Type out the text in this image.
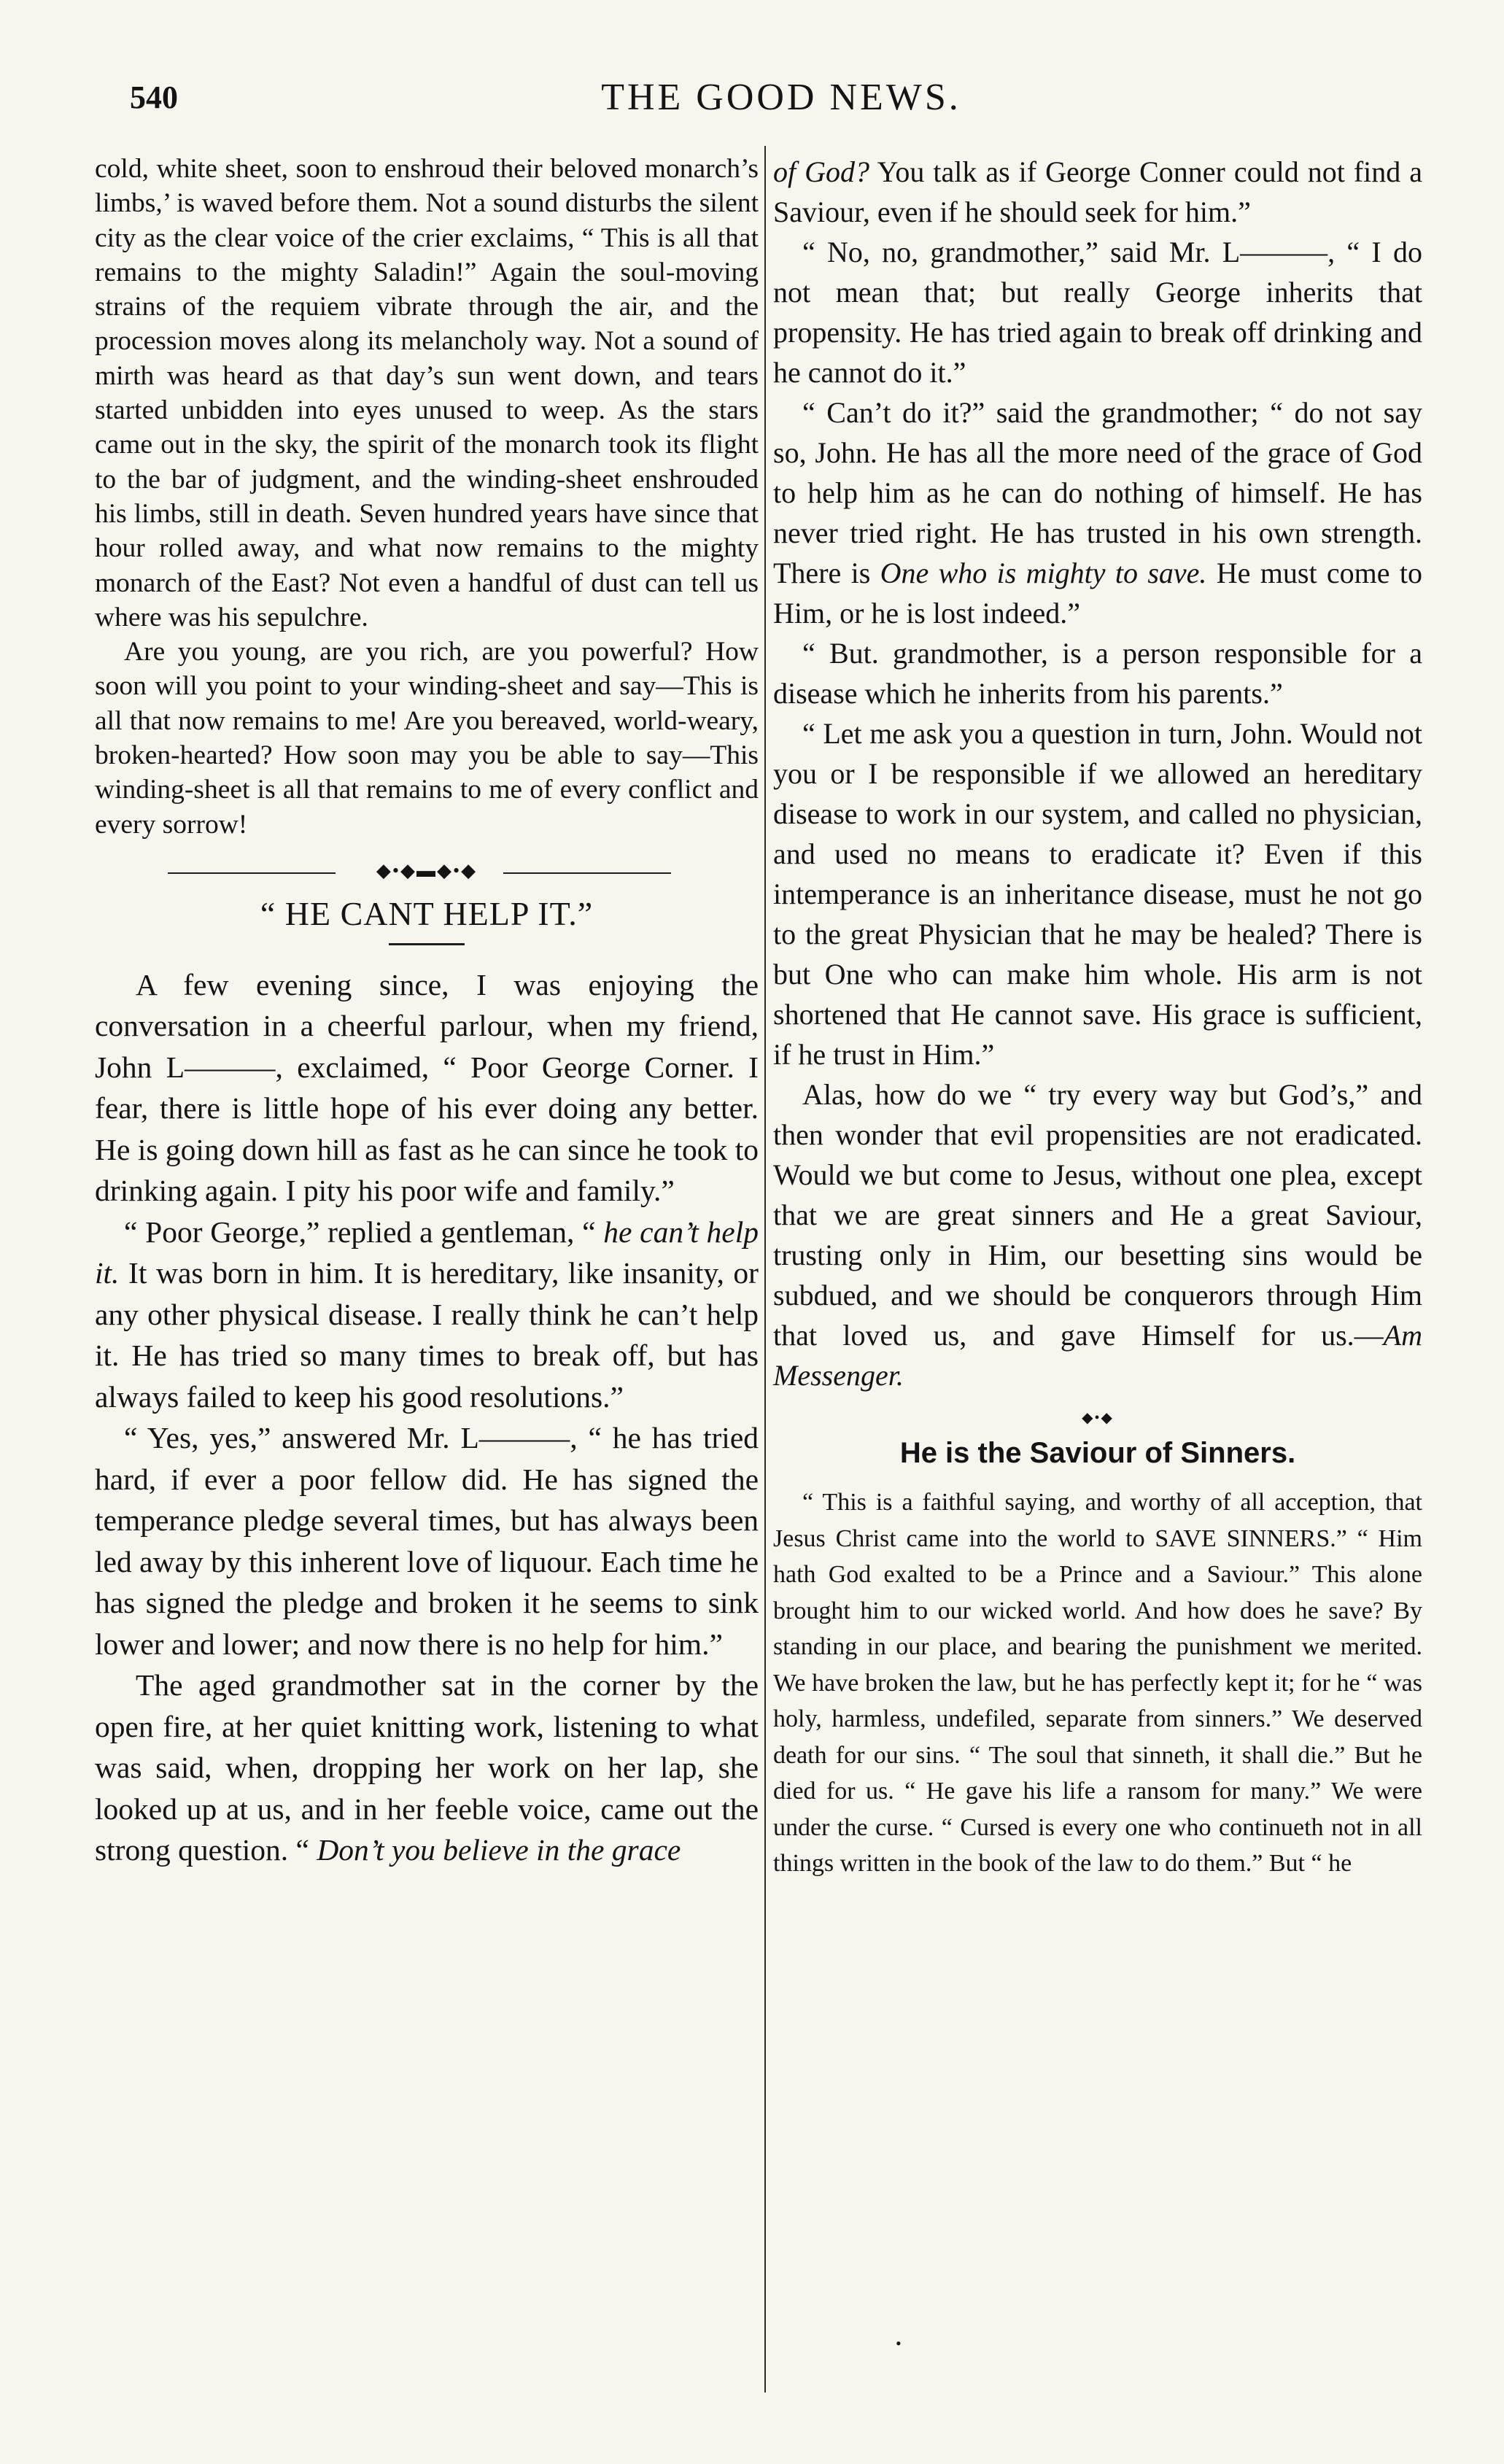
540	THE GOOD NEWS.

cold, white sheet, soon to enshroud their beloved monarch’s limbs,’ is waved before them. Not a sound disturbs the silent city as the clear voice of the crier exclaims, “ This is all that remains to the mighty Saladin!” Again the soul-moving strains of the requiem vibrate through the air, and the procession moves along its melancholy way. Not a sound of mirth was heard as that day’s sun went down, and tears started unbidden into eyes unused to weep. As the stars came out in the sky, the spirit of the monarch took its flight to the bar of judgment, and the winding-sheet enshrouded his limbs, still in death. Seven hundred years have since that hour rolled away, and what now remains to the mighty monarch of the East? Not even a handful of dust can tell us where was his sepulchre.

Are you young, are you rich, are you powerful? How soon will you point to your winding-sheet and say—This is all that now remains to me! Are you bereaved, world-weary, broken-hearted? How soon may you be able to say—This winding-sheet is all that remains to me of every conflict and every sorrow!

◆•◆▬◆•◆
“ HE CANT HELP IT.”

A few evening since, I was enjoying the conversation in a cheerful parlour, when my friend, John L———, exclaimed, “ Poor George Corner. I fear, there is little hope of his ever doing any better. He is going down hill as fast as he can since he took to drinking again. I pity his poor wife and family.”

“ Poor George,” replied a gentleman, “ he can’t help it. It was born in him. It is hereditary, like insanity, or any other physical disease. I really think he can’t help it. He has tried so many times to break off, but has always failed to keep his good resolutions.”

“ Yes, yes,” answered Mr. L———, “ he has tried hard, if ever a poor fellow did. He has signed the temperance pledge several times, but has always been led away by this inherent love of liquour. Each time he has signed the pledge and broken it he seems to sink lower and lower; and now there is no help for him.”

The aged grandmother sat in the corner by the open fire, at her quiet knitting work, listening to what was said, when, dropping her work on her lap, she looked up at us, and in her feeble voice, came out the strong question. “ Don’t you believe in the grace

of God? You talk as if George Conner could not find a Saviour, even if he should seek for him.”

“ No, no, grandmother,” said Mr. L———, “ I do not mean that; but really George inherits that propensity. He has tried again to break off drinking and he cannot do it.”

“ Can’t do it?” said the grandmother; “ do not say so, John. He has all the more need of the grace of God to help him as he can do nothing of himself. He has never tried right. He has trusted in his own strength. There is One who is mighty to save. He must come to Him, or he is lost indeed.”

“ But. grandmother, is a person responsible for a disease which he inherits from his parents.”

“ Let me ask you a question in turn, John. Would not you or I be responsible if we allowed an hereditary disease to work in our system, and called no physician, and used no means to eradicate it? Even if this intemperance is an inheritance disease, must he not go to the great Physician that he may be healed? There is but One who can make him whole. His arm is not shortened that He cannot save. His grace is sufficient, if he trust in Him.”

Alas, how do we “ try every way but God’s,” and then wonder that evil propensities are not eradicated. Would we but come to Jesus, without one plea, except that we are great sinners and He a great Saviour, trusting only in Him, our besetting sins would be subdued, and we should be conquerors through Him that loved us, and gave Himself for us.—Am Messenger.

◆•◆
He is the Saviour of Sinners.

“ This is a faithful saying, and worthy of all acception, that Jesus Christ came into the world to SAVE SINNERS.” “ Him hath God exalted to be a Prince and a Saviour.” This alone brought him to our wicked world. And how does he save? By standing in our place, and bearing the punishment we merited. We have broken the law, but he has perfectly kept it; for he “ was holy, harmless, undefiled, separate from sinners.” We deserved death for our sins. “ The soul that sinneth, it shall die.” But he died for us. “ He gave his life a ransom for many.” We were under the curse. “ Cursed is every one who continueth not in all things written in the book of the law to do them.” But “ he

•
